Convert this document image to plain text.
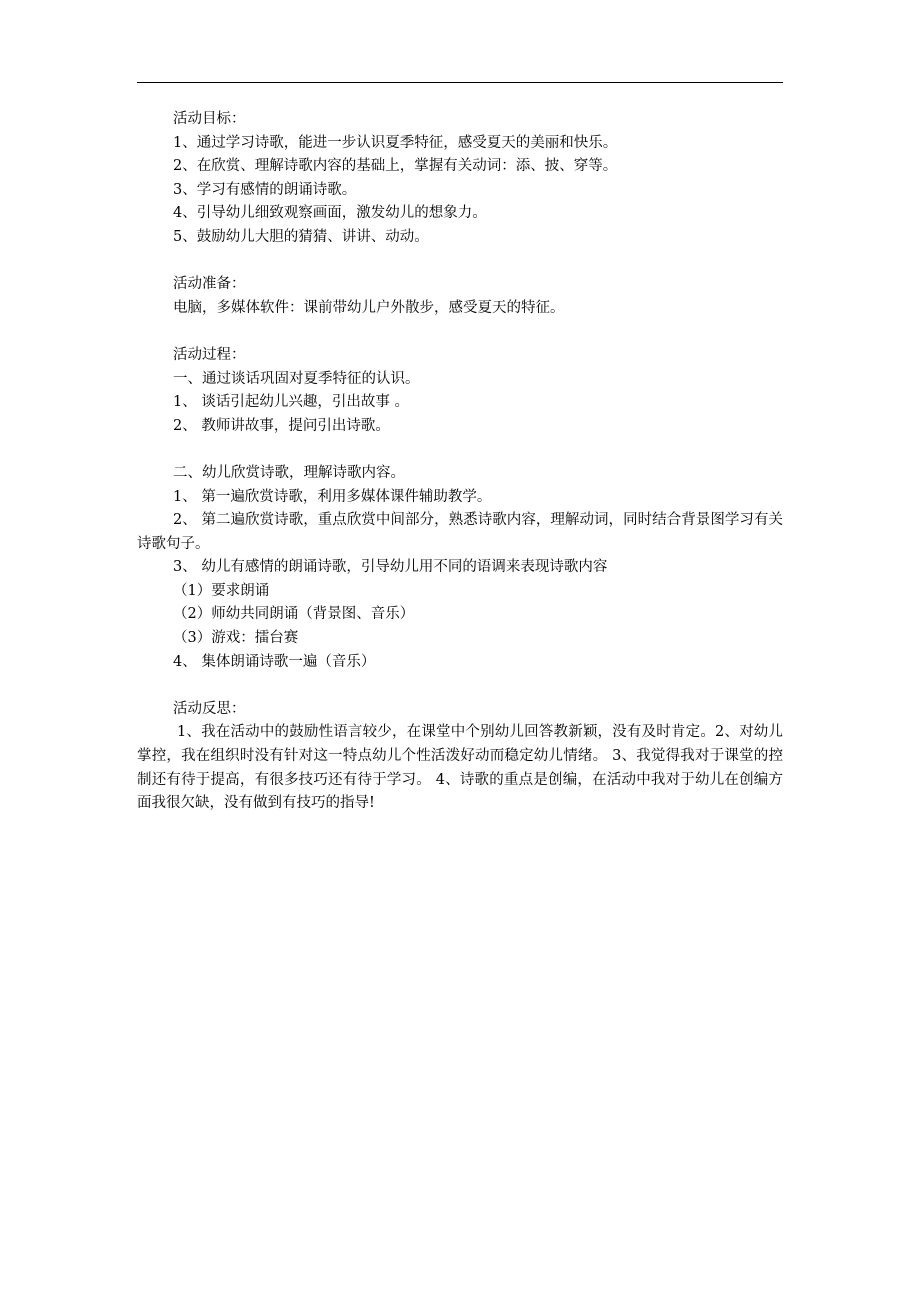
活动目标：
1、通过学习诗歌，能进一步认识夏季特征，感受夏天的美丽和快乐。
2、在欣赏、理解诗歌内容的基础上，掌握有关动词：添、披、穿等。
3、学习有感情的朗诵诗歌。
4、引导幼儿细致观察画面，激发幼儿的想象力。
5、鼓励幼儿大胆的猜猜、讲讲、动动。
活动准备：
电脑，多媒体软件：课前带幼儿户外散步，感受夏天的特征。
活动过程：
一、通过谈话巩固对夏季特征的认识。
1、 谈话引起幼儿兴趣，引出故事 。
2、 教师讲故事，提问引出诗歌。
二、幼儿欣赏诗歌，理解诗歌内容。
1、 第一遍欣赏诗歌，利用多媒体课件辅助教学。
2、 第二遍欣赏诗歌，重点欣赏中间部分，熟悉诗歌内容，理解动词，同时结合背景图学习有关诗歌句子。
3、 幼儿有感情的朗诵诗歌，引导幼儿用不同的语调来表现诗歌内容
（1）要求朗诵
（2）师幼共同朗诵（背景图、音乐）
（3）游戏：擂台赛
4、 集体朗诵诗歌一遍（音乐）
活动反思：
1、我在活动中的鼓励性语言较少，在课堂中个别幼儿回答教新颖，没有及时肯定。2、对幼儿掌控，我在组织时没有针对这一特点幼儿个性活泼好动而稳定幼儿情绪。 3、我觉得我对于课堂的控制还有待于提高，有很多技巧还有待于学习。 4、诗歌的重点是创编，在活动中我对于幼儿在创编方面我很欠缺，没有做到有技巧的指导!
